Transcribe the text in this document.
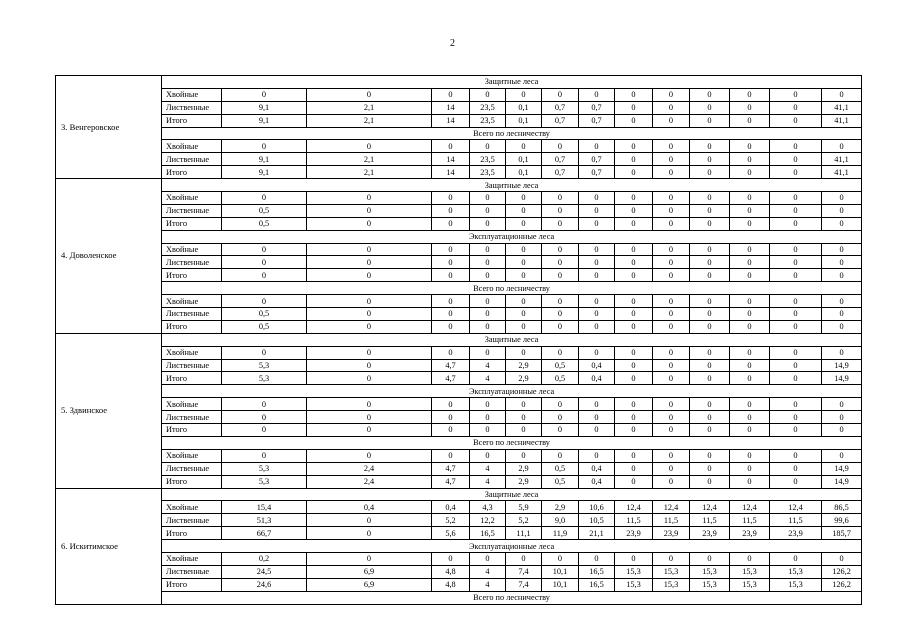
2
3. Венгеровское	Защитные леса													
	Хвойные	0	0	0	0	0	0	0	0	0	0	0	0	0
	Лиственные	9,1	2,1	14	23,5	0,1	0,7	0,7	0	0	0	0	0	41,1
	Итого	9,1	2,1	14	23,5	0,1	0,7	0,7	0	0	0	0	0	41,1
	Всего по лесничеству													
	Хвойные	0	0	0	0	0	0	0	0	0	0	0	0	0
	Лиственные	9,1	2,1	14	23,5	0,1	0,7	0,7	0	0	0	0	0	41,1
	Итого	9,1	2,1	14	23,5	0,1	0,7	0,7	0	0	0	0	0	41,1
4. Доволенское	Защитные леса													
	Хвойные	0	0	0	0	0	0	0	0	0	0	0	0	0
	Лиственные	0,5	0	0	0	0	0	0	0	0	0	0	0	0
	Итого	0,5	0	0	0	0	0	0	0	0	0	0	0	0
	Эксплуатационные леса													
	Хвойные	0	0	0	0	0	0	0	0	0	0	0	0	0
	Лиственные	0	0	0	0	0	0	0	0	0	0	0	0	0
	Итого	0	0	0	0	0	0	0	0	0	0	0	0	0
	Всего по лесничеству													
	Хвойные	0	0	0	0	0	0	0	0	0	0	0	0	0
	Лиственные	0,5	0	0	0	0	0	0	0	0	0	0	0	0
	Итого	0,5	0	0	0	0	0	0	0	0	0	0	0	0
5. Здвинское	Защитные леса													
	Хвойные	0	0	0	0	0	0	0	0	0	0	0	0	0
	Лиственные	5,3	0	4,7	4	2,9	0,5	0,4	0	0	0	0	0	14,9
	Итого	5,3	0	4,7	4	2,9	0,5	0,4	0	0	0	0	0	14,9
	Эксплуатационные леса													
	Хвойные	0	0	0	0	0	0	0	0	0	0	0	0	0
	Лиственные	0	0	0	0	0	0	0	0	0	0	0	0	0
	Итого	0	0	0	0	0	0	0	0	0	0	0	0	0
	Всего по лесничеству													
	Хвойные	0	0	0	0	0	0	0	0	0	0	0	0	0
	Лиственные	5,3	2,4	4,7	4	2,9	0,5	0,4	0	0	0	0	0	14,9
	Итого	5,3	2,4	4,7	4	2,9	0,5	0,4	0	0	0	0	0	14,9
6. Искитимское	Защитные леса													
	Хвойные	15,4	0,4	0,4	4,3	5,9	2,9	10,6	12,4	12,4	12,4	12,4	12,4	86,5
	Лиственные	51,3	0	5,2	12,2	5,2	9,0	10,5	11,5	11,5	11,5	11,5	11,5	99,6
	Итого	66,7	0	5,6	16,5	11,1	11,9	21,1	23,9	23,9	23,9	23,9	23,9	185,7
	Эксплуатационные леса													
	Хвойные	0,2	0	0	0	0	0	0	0	0	0	0	0	0
	Лиственные	24,5	6,9	4,8	4	7,4	10,1	16,5	15,3	15,3	15,3	15,3	15,3	126,2
	Итого	24,6	6,9	4,8	4	7,4	10,1	16,5	15,3	15,3	15,3	15,3	15,3	126,2
	Всего по лесничеству													
